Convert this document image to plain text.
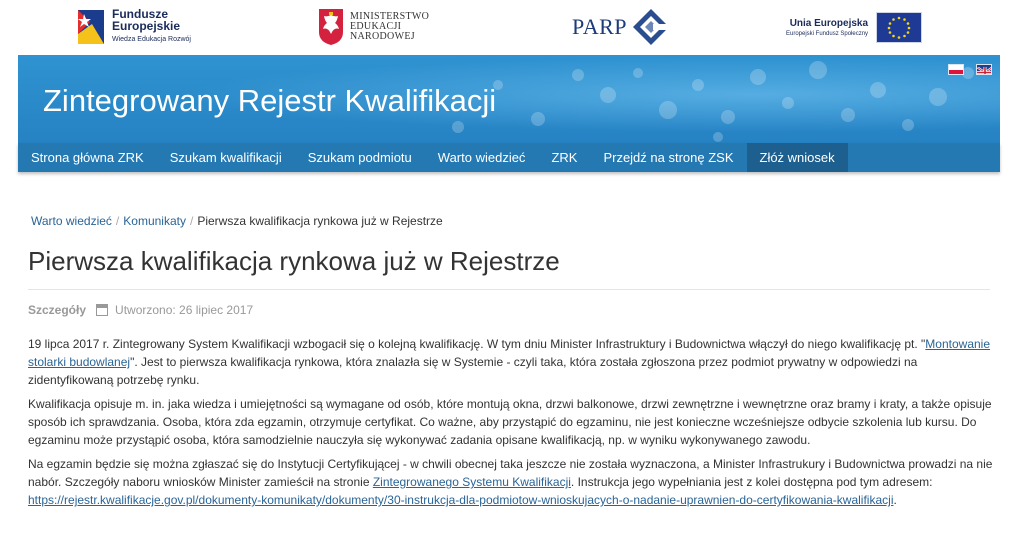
Fundusze
Europejskie
Wiedza Edukacja Rozwój
MINISTERSTWO
EDUKACJI
NARODOWEJ	PARP	Unia Europejska
Europejski Fundusz Społeczny
Zintegrowany Rejestr Kwalifikacji
Strona główna ZRK	Szukam kwalifikacji	Szukam podmiotu	Warto wiedzieć	ZRK	Przejdź na stronę ZSK	Złóż wniosek
Warto wiedzieć / Komunikaty / Pierwsza kwalifikacja rynkowa już w Rejestrze
Pierwsza kwalifikacja rynkowa już w Rejestrze
Szczegóły Utworzono: 26 lipiec 2017
19 lipca 2017 r. Zintegrowany System Kwalifikacji wzbogacił się o kolejną kwalifikację. W tym dniu Minister Infrastruktury i Budownictwa włączył do niego kwalifikację pt. "Montowanie stolarki budowlanej". Jest to pierwsza kwalifikacja rynkowa, która znalazła się w Systemie - czyli taka, która została zgłoszona przez podmiot prywatny w odpowiedzi na zidentyfikowaną potrzebę rynku.
Kwalifikacja opisuje m. in. jaka wiedza i umiejętności są wymagane od osób, które montują okna, drzwi balkonowe, drzwi zewnętrzne i wewnętrzne oraz bramy i kraty, a także opisuje sposób ich sprawdzania. Osoba, która zda egzamin, otrzymuje certyfikat. Co ważne, aby przystąpić do egzaminu, nie jest konieczne wcześniejsze odbycie szkolenia lub kursu. Do egzaminu może przystąpić osoba, która samodzielnie nauczyła się wykonywać zadania opisane kwalifikacją, np. w wyniku wykonywanego zawodu.
Na egzamin będzie się można zgłaszać się do Instytucji Certyfikującej - w chwili obecnej taka jeszcze nie została wyznaczona, a Minister Infrastrukury i Budownictwa prowadzi na nie nabór. Szczegóły naboru wniosków Minister zamieścił na stronie Zintegrowanego Systemu Kwalifikacji. Instrukcja jego wypełniania jest z kolei dostępna pod tym adresem: https://rejestr.kwalifikacje.gov.pl/dokumenty-komunikaty/dokumenty/30-instrukcja-dla-podmiotow-wnioskujacych-o-nadanie-uprawnien-do-certyfikowania-kwalifikacji.
